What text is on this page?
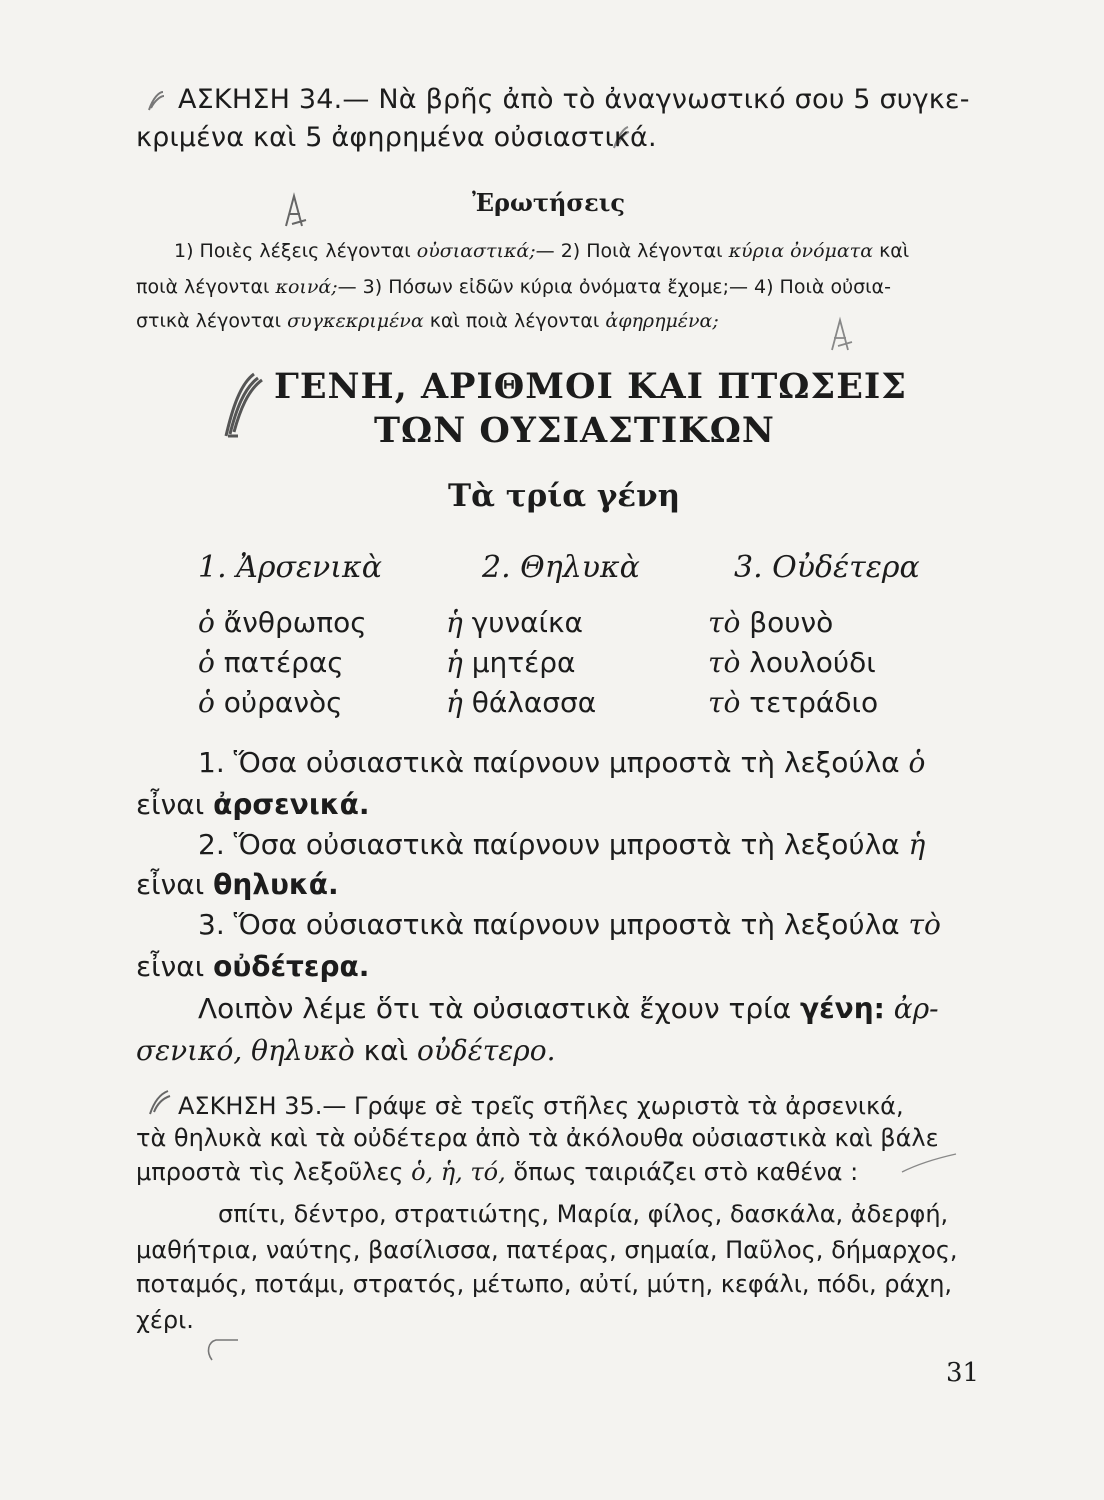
ΑΣΚΗΣΗ 34.— Νὰ βρῆς ἀπὸ τὸ ἀναγνωστικό σου 5 συγκε-
κριμένα καὶ 5 ἀφηρημένα οὐσιαστικά.
Ἐρωτήσεις
1) Ποιὲς λέξεις λέγονται οὐσιαστικά;— 2) Ποιὰ λέγονται κύρια ὀνόματα καὶ
ποιὰ λέγονται κοινά;— 3) Πόσων εἰδῶν κύρια ὀνόματα ἔχομε;— 4) Ποιὰ οὐσια-
στικὰ λέγονται συγκεκριμένα καὶ ποιὰ λέγονται ἀφηρημένα;
ΓΕΝΗ, ΑΡΙΘΜΟΙ ΚΑΙ ΠΤΩΣΕΙΣ
ΤΩΝ ΟΥΣΙΑΣΤΙΚΩΝ
Τὰ τρία γένη
1. Ἀρσενικὰ	2. Θηλυκὰ	3. Οὐδέτερα
ὁ ἄνθρωπος	ἡ γυναίκα	τὸ βουνὸ
ὁ πατέρας	ἡ μητέρα	τὸ λουλούδι
ὁ οὐρανὸς	ἡ θάλασσα	τὸ τετράδιο
1. Ὅσα οὐσιαστικὰ παίρνουν μπροστὰ τὴ λεξούλα ὁ
εἶναι ἀρσενικά.
2. Ὅσα οὐσιαστικὰ παίρνουν μπροστὰ τὴ λεξούλα ἡ
εἶναι θηλυκά.
3. Ὅσα οὐσιαστικὰ παίρνουν μπροστὰ τὴ λεξούλα τὸ
εἶναι οὐδέτερα.
Λοιπὸν λέμε ὅτι τὰ οὐσιαστικὰ ἔχουν τρία γένη: ἀρ-
σενικό, θηλυκὸ καὶ οὐδέτερο.
ΑΣΚΗΣΗ 35.— Γράψε σὲ τρεῖς στῆλες χωριστὰ τὰ ἀρσενικά,
τὰ θηλυκὰ καὶ τὰ οὐδέτερα ἀπὸ τὰ ἀκόλουθα οὐσιαστικὰ καὶ βάλε
μπροστὰ τὶς λεξοῦλες ὁ, ἡ, τό, ὅπως ταιριάζει στὸ καθένα :
σπίτι, δέντρο, στρατιώτης, Μαρία, φίλος, δασκάλα, ἀδερφή,
μαθήτρια, ναύτης, βασίλισσα, πατέρας, σημαία, Παῦλος, δήμαρχος,
ποταμός, ποτάμι, στρατός, μέτωπο, αὐτί, μύτη, κεφάλι, πόδι, ράχη,
χέρι.
31
